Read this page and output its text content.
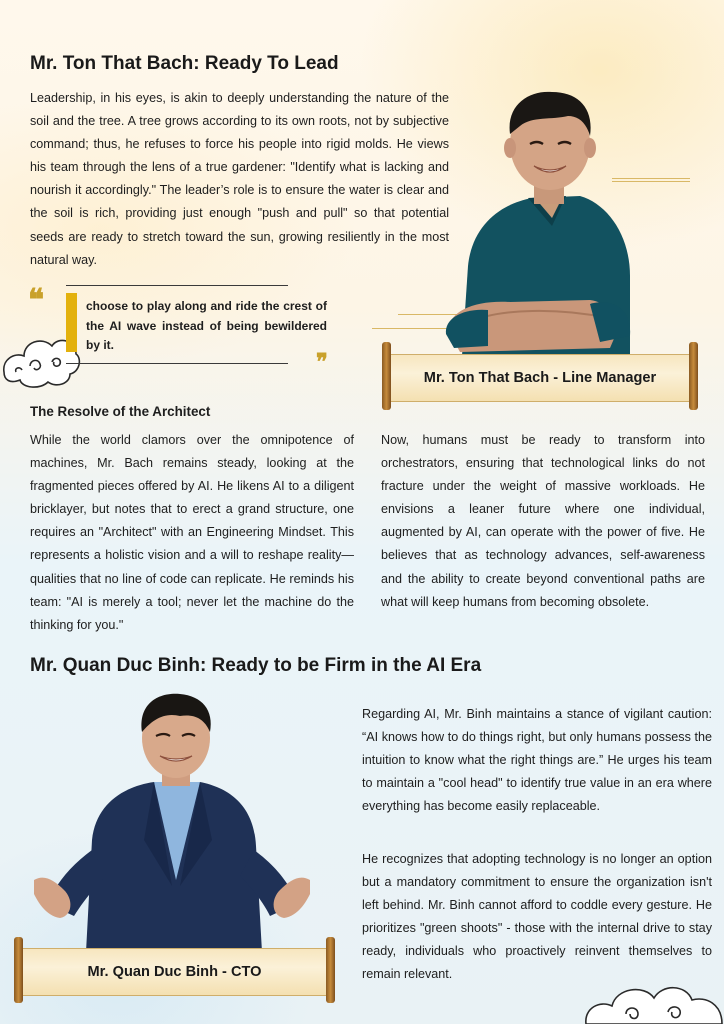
Mr. Ton That Bach: Ready To Lead

Leadership, in his eyes, is akin to deeply understanding the nature of the soil and the tree. A tree grows according to its own roots, not by subjective command; thus, he refuses to force his people into rigid molds. He views his team through the lens of a true gardener: "Identify what is lacking and nourish it accordingly." The leader’s role is to ensure the water is clear and the soil is rich, providing just enough "push and pull" so that potential seeds are ready to stretch toward the sun, growing resiliently in the most natural way.

❝	choose to play along and ride the crest of the AI wave instead of being bewildered by it.
❞
Mr. Ton That Bach - Line Manager
The Resolve of the Architect

While the world clamors over the omnipotence of machines, Mr. Bach remains steady, looking at the fragmented pieces offered by AI. He likens AI to a diligent bricklayer, but notes that to erect a grand structure, one requires an "Architect" with an Engineering Mindset. This represents a holistic vision and a will to reshape reality—qualities that no line of code can replicate. He reminds his team: "AI is merely a tool; never let the machine do the thinking for you."

Now, humans must be ready to transform into orchestrators, ensuring that technological links do not fracture under the weight of massive workloads. He envisions a leaner future where one individual, augmented by AI, can operate with the power of five. He believes that as technology advances, self-awareness and the ability to create beyond conventional paths are what will keep humans from becoming obsolete.

Mr. Quan Duc Binh: Ready to be Firm in the AI Era
Mr. Quan Duc Binh - CTO

Regarding AI, Mr. Binh maintains a stance of vigilant caution: “AI knows how to do things right, but only humans possess the intuition to know what the right things are.” He urges his team to maintain a "cool head" to identify true value in an era where everything has become easily replaceable.

He recognizes that adopting technology is no longer an option but a mandatory commitment to ensure the organization isn't left behind. Mr. Binh cannot afford to coddle every gesture. He prioritizes "green shoots" - those with the internal drive to stay ready, individuals who proactively reinvent themselves to remain relevant.
